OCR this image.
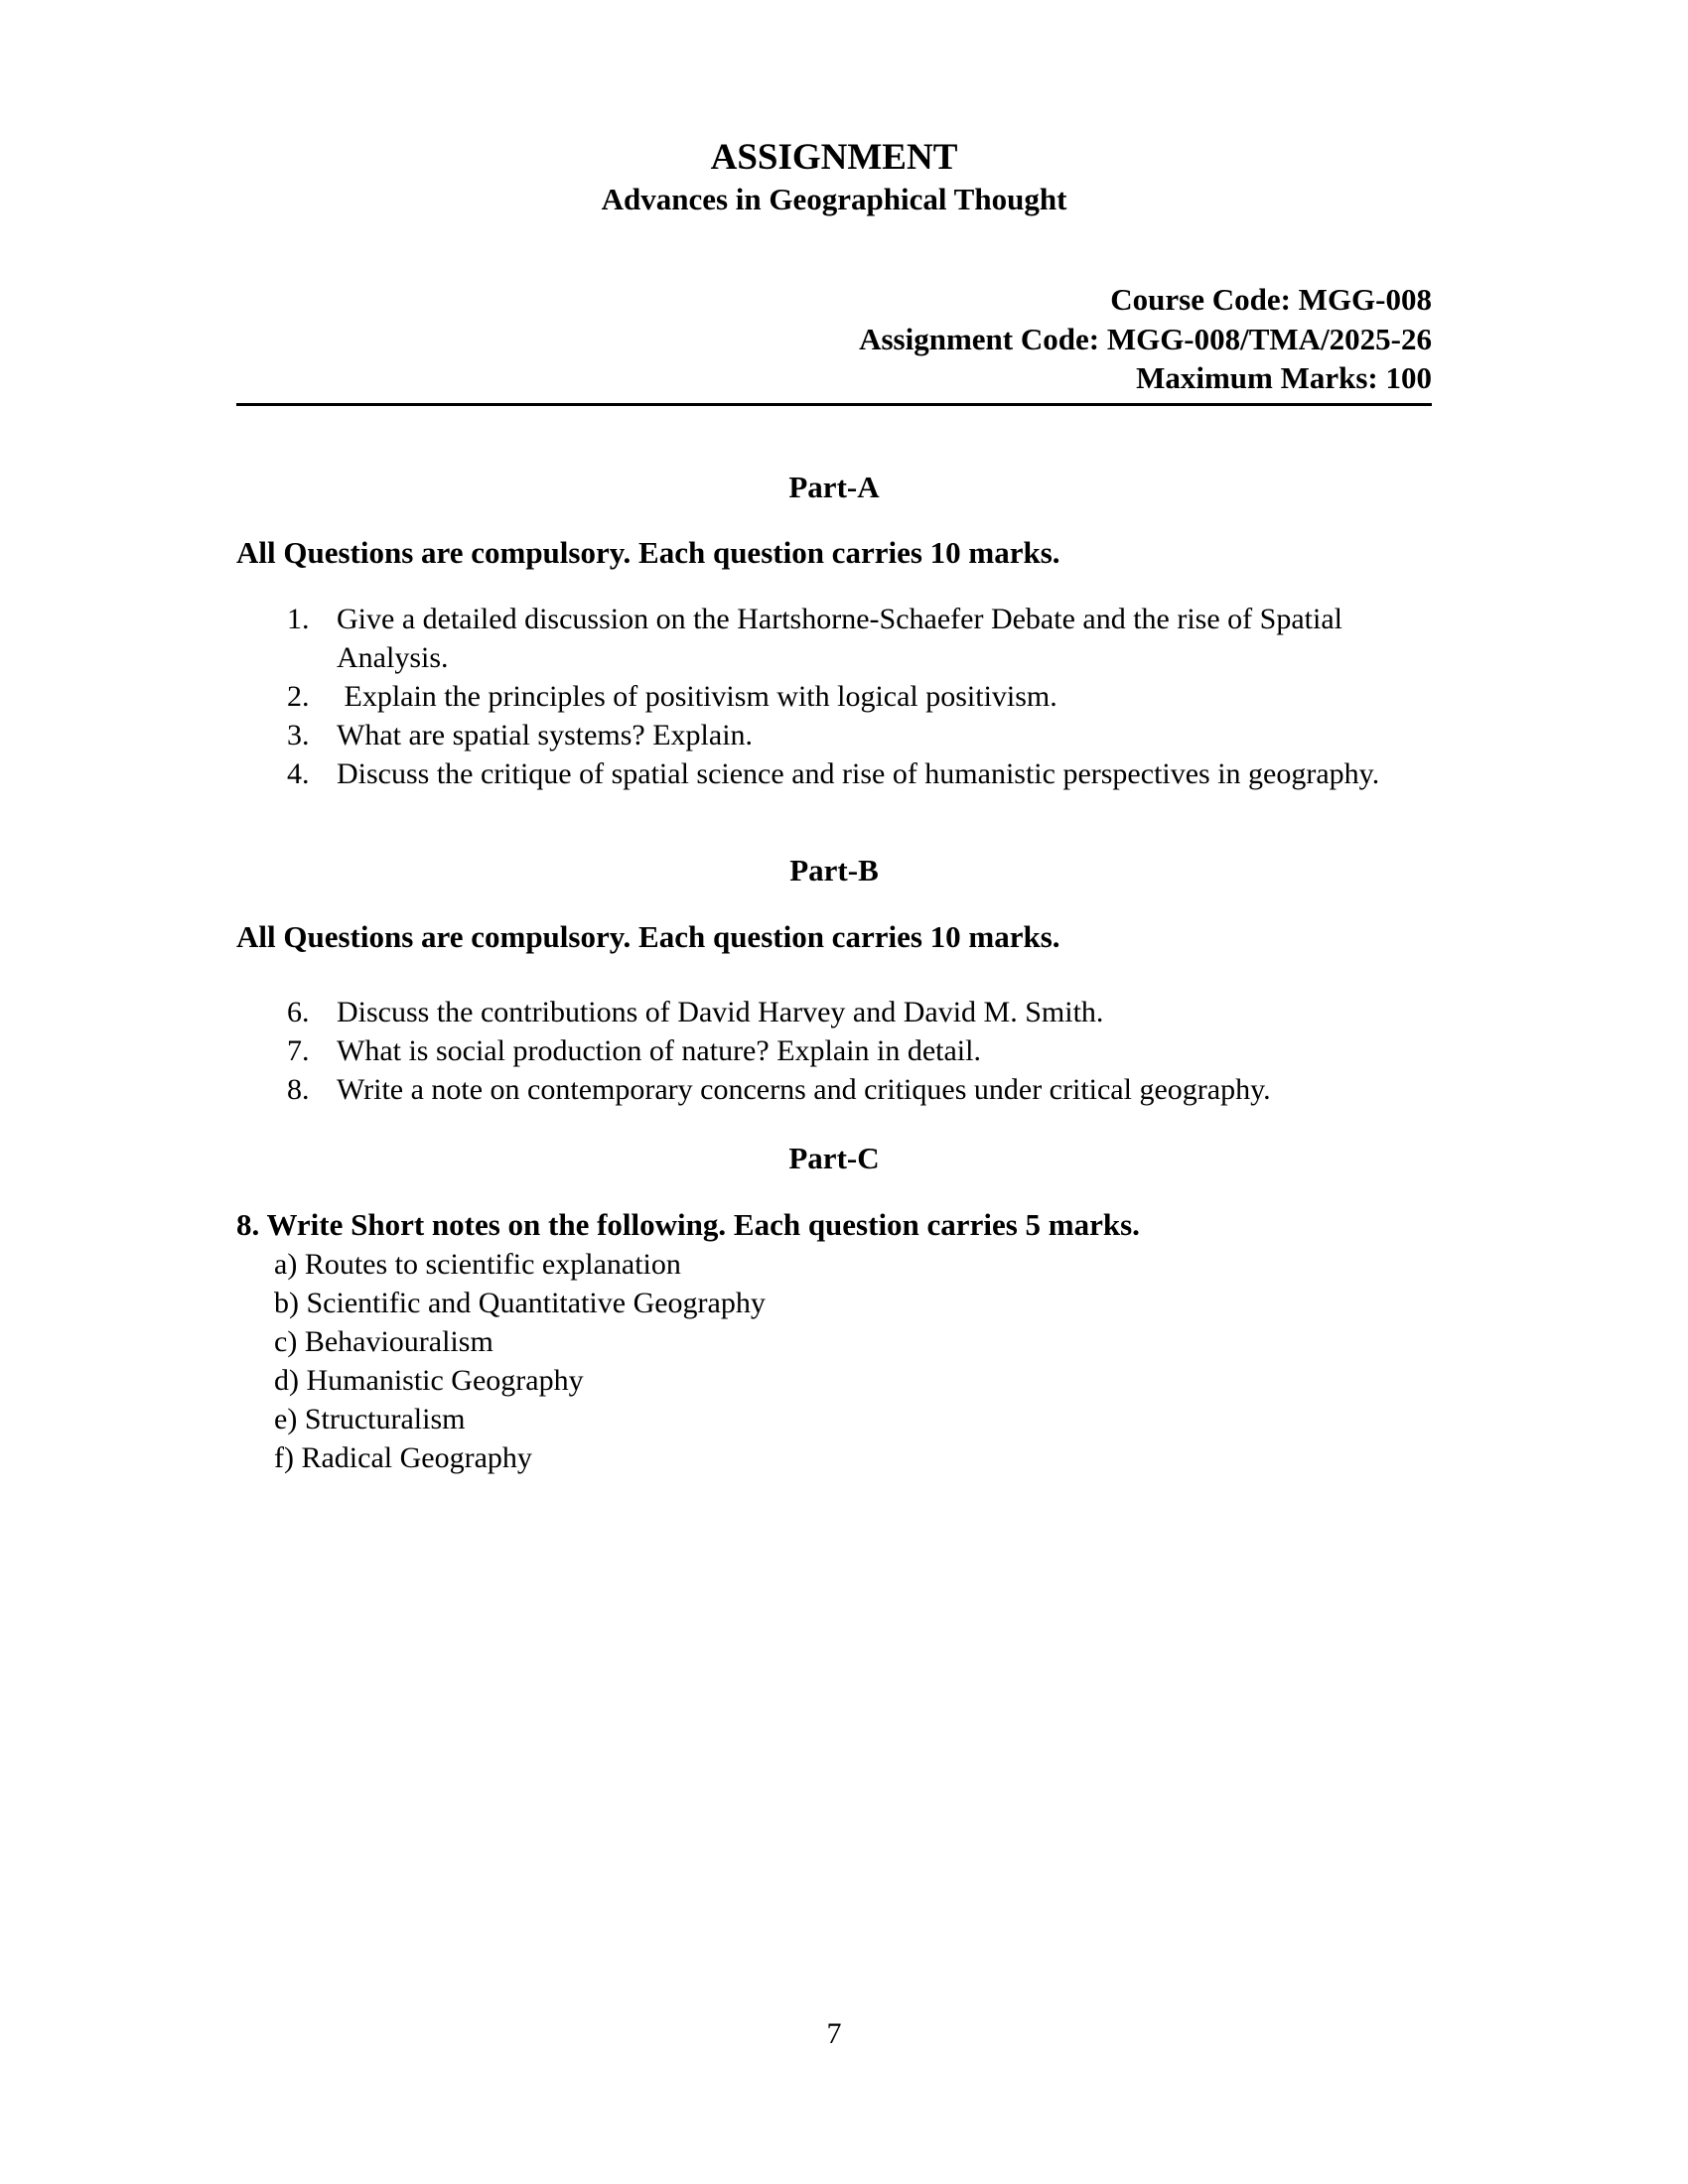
ASSIGNMENT
Advances in Geographical Thought
Course Code: MGG-008
Assignment Code: MGG-008/TMA/2025-26
Maximum Marks: 100
Part-A
All Questions are compulsory. Each question carries 10 marks.
1. Give a detailed discussion on the Hartshorne-Schaefer Debate and the rise of Spatial Analysis.
2. Explain the principles of positivism with logical positivism.
3. What are spatial systems? Explain.
4. Discuss the critique of spatial science and rise of humanistic perspectives in geography.
Part-B
All Questions are compulsory. Each question carries 10 marks.
6. Discuss the contributions of David Harvey and David M. Smith.
7. What is social production of nature? Explain in detail.
8. Write a note on contemporary concerns and critiques under critical geography.
Part-C
8. Write Short notes on the following. Each question carries 5 marks.
a) Routes to scientific explanation
b) Scientific and Quantitative Geography
c) Behaviouralism
d) Humanistic Geography
e) Structuralism
f) Radical Geography
7
